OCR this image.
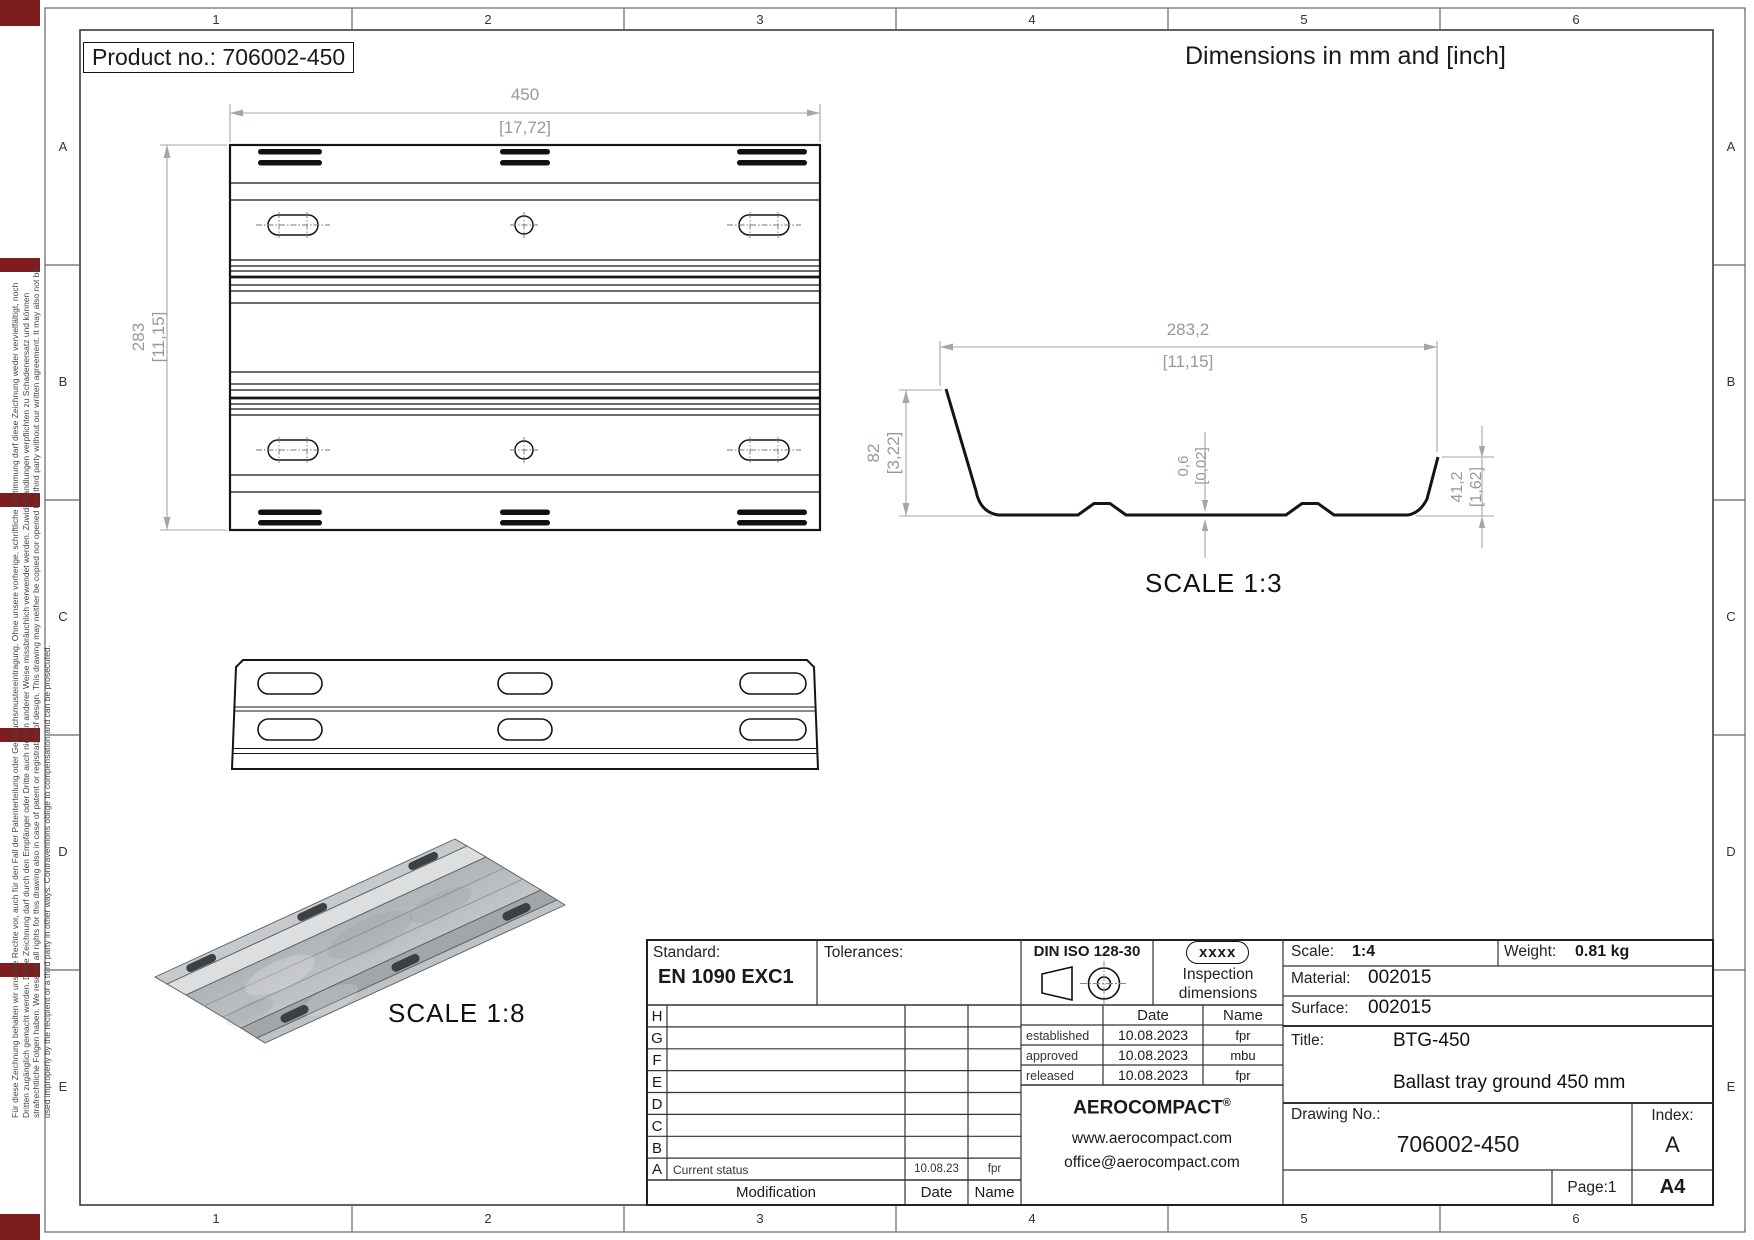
1	2	3	4	5	6
1	2	3	4	5	6
A
B
C
D
E
A
B
C
D
E
Product no.: 706002-450	Dimensions in mm and [inch]
Für diese Zeichnung behalten wir uns alle Rechte vor, auch für den Fall der Patenterteilung oder Gebrauchsmustereintragung. Ohne unsere vorherige, schriftliche Zustimmung darf diese Zeichnung weder vervielfältigt, noch Dritten zugänglich gemacht werden. Diese Zeichnung darf durch den Empfänger oder Dritte auch nicht in anderer Weise missbräuchlich verwendet werden. Zuwiderhandlungen verpflichten zu Schadenersatz und können strafrechtliche Folgen haben. We reserve all rights for this drawing also in case of patent or registration of design. This drawing may neither be copied nor opened to a third party without our written agreement. It may also not be used improperly by the recipient or a third party in other ways. Contraventions oblige to compensation and can be prosecuted.
450
[17,72]
283 [11,15]	283,2
[11,15]
82 [3,22]	0,6 [0,02]
41,2 [1,62]
SCALE 1:3
SCALE 1:8
Standard:
EN 1090 EXC1
Tolerances:	DIN ISO 128-30	xxxx
Inspection
dimensions
Date	Name
established	10.08.2023	fpr
approved	10.08.2023	mbu
released	10.08.2023	fpr
Scale: 1:4	Weight: 0.81 kg
Material: 002015
Surface: 002015
Title:	BTG-450
Ballast tray ground 450 mm
Drawing No.:
706002-450
Index:
A
Page:1	A4
AEROCOMPACT®
www.aerocompact.com
office@aerocompact.com
H
G
F
E
D
C
B
A Current status	10.08.23	fpr
Modification	Date	Name
